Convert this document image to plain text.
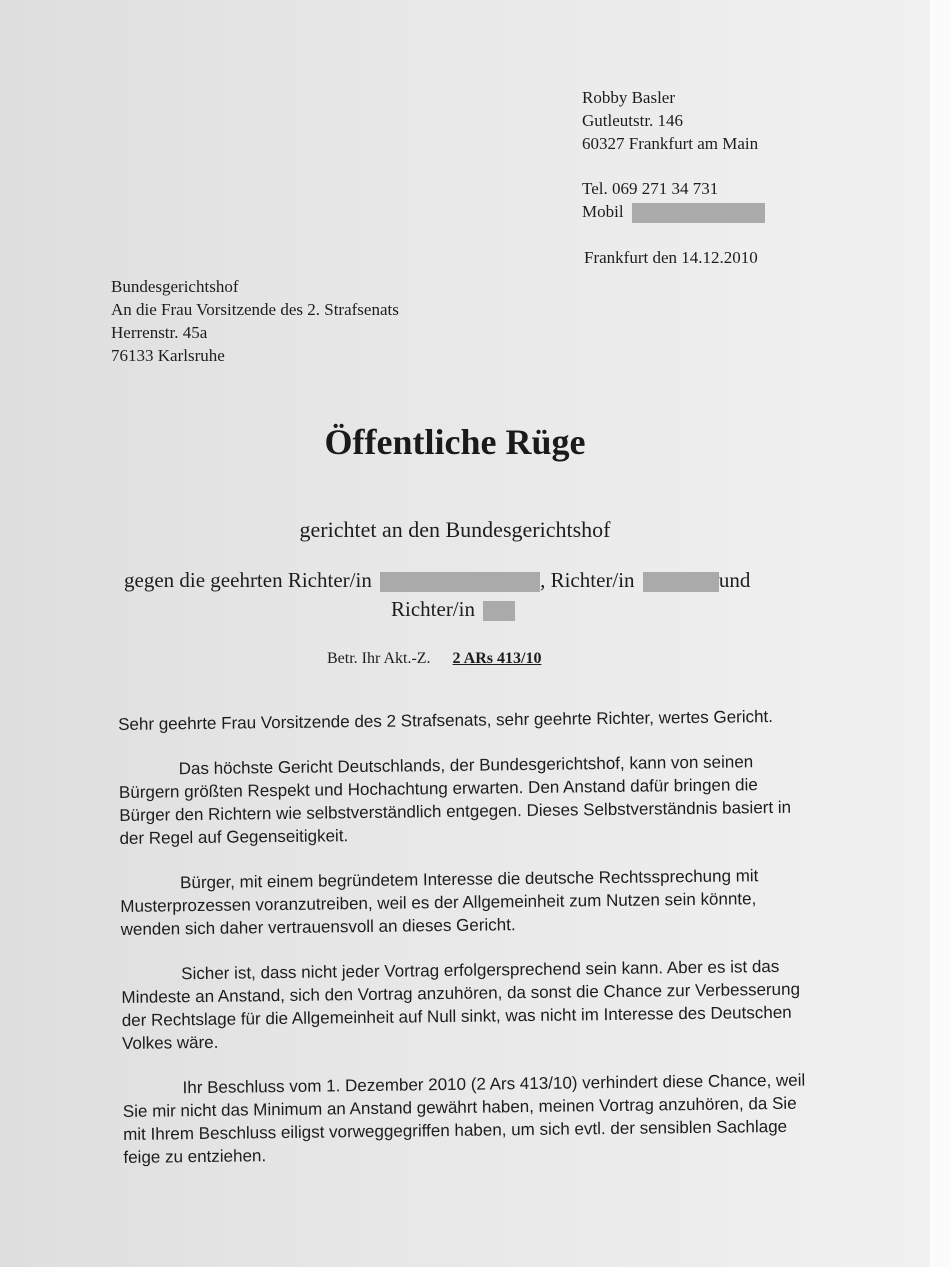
Robby Basler
Gutleutstr. 146
60327 Frankfurt am Main
Tel. 069 271 34 731
Mobil
Frankfurt den 14.12.2010
Bundesgerichtshof
An die Frau Vorsitzende des 2. Strafsenats
Herrenstr. 45a
76133 Karlsruhe
Öffentliche Rüge
gerichtet an den Bundesgerichtshof
gegen die geehrten Richter/in	, Richter/in	und
Richter/in
Betr. Ihr Akt.-Z. 2 ARs 413/10

Sehr geehrte Frau Vorsitzende des 2 Strafsenats, sehr geehrte Richter, wertes Gericht.

Das höchste Gericht Deutschlands, der Bundesgerichtshof, kann von seinen Bürgern größten Respekt und Hochachtung erwarten. Den Anstand dafür bringen die Bürger den Richtern wie selbstverständlich entgegen. Dieses Selbstverständnis basiert in der Regel auf Gegenseitigkeit.

Bürger, mit einem begründetem Interesse die deutsche Rechtssprechung mit Musterprozessen voranzutreiben, weil es der Allgemeinheit zum Nutzen sein könnte, wenden sich daher vertrauensvoll an dieses Gericht.

Sicher ist, dass nicht jeder Vortrag erfolgersprechend sein kann. Aber es ist das Mindeste an Anstand, sich den Vortrag anzuhören, da sonst die Chance zur Verbesserung der Rechtslage für die Allgemeinheit auf Null sinkt, was nicht im Interesse des Deutschen Volkes wäre.

Ihr Beschluss vom 1. Dezember 2010 (2 Ars 413/10) verhindert diese Chance, weil Sie mir nicht das Minimum an Anstand gewährt haben, meinen Vortrag anzuhören, da Sie mit Ihrem Beschluss eiligst vorweggegriffen haben, um sich evtl. der sensiblen Sachlage feige zu entziehen.
